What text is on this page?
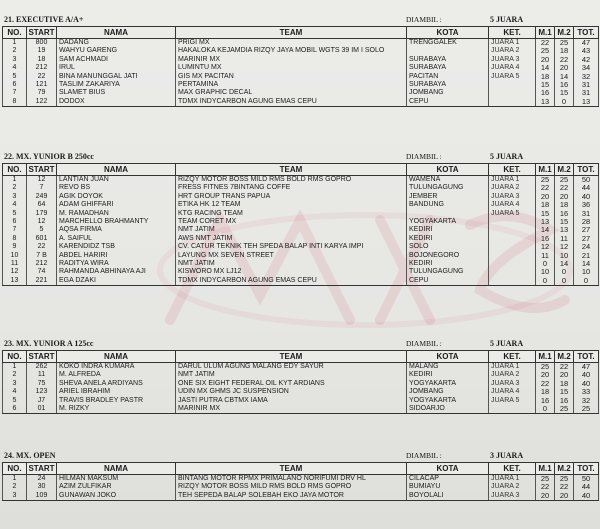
21. EXECUTIVE A/A+	DIAMBIL :	5 JUARA
NO.	START	NAMA	TEAM	KOTA	KET.	M.1	M.2	TOT.
1	800	DADANG	PRIGI MX	TRENGGALEK	JUARA 1	22	25	47
2	19	WAHYU GARENG	HAKALOKA KEJAMDIA RIZQY JAYA MOBIL WGTS 39 IM I SOLO		JUARA 2	25	18	43
3	18	SAM ACHMADI	MARINIR MX	SURABAYA	JUARA 3	20	22	42
4	212	IRUL	LUMINTU MX	SURABAYA	JUARA 4	14	20	34
5	22	BINA MANUNGGAL JATI	GIS MX PACITAN	PACITAN	JUARA 5	18	14	32
6	121	TASLIM ZAKARIYA	PERTAMINA	SURABAYA		15	16	31
7	79	SLAMET BIUS	MAX GRAPHIC DECAL	JOMBANG		16	15	31
8	122	DODOX	TDMX INDYCARBON AGUNG EMAS CEPU	CEPU		13	0	13
22. MX. YUNIOR B 250cc	DIAMBIL :	5 JUARA
NO.	START	NAMA	TEAM	KOTA	KET.	M.1	M.2	TOT.
1	12	LANTIAN JUAN	RIZQY MOTOR BOSS MILD RMS BOLD RMS GOPRO	WAMENA	JUARA 1	25	25	50
2	7	REVO BS	FRESS FITNES 7BINTANG COFFE	TULUNGAGUNG	JUARA 2	22	22	44
3	249	AGIK DOYOK	HRT GROUP TRANS PAPUA	JEMBER	JUARA 3	20	20	40
4	64	ADAM GHIFFARI	ETIKA HK 12 TEAM	BANDUNG	JUARA 4	18	18	36
5	179	M. RAMADHAN	KTG RACING TEAM		JUARA 5	15	16	31
6	12	MARCHELLO BRAHMANTY	TEAM CORET MX	YOGYAKARTA		13	15	28
7	5	AQSA FIRMA	NMT JATIM	KEDIRI		14	13	27
8	601	A. SAIFUL	AWS NMT JATIM	KEDIRI		16	11	27
9	22	KARENDIDZ TSB	CV. CATUR TEKNIK TEH SPEDA BALAP INTI KARYA IMPI	SOLO		12	12	24
10	7 B	ABDEL HARIRI	LAYUNG MX SEVEN STREET	BOJONEGORO		11	10	21
11	212	RADITYA WIRA	NMT JATIM	KEDIRI		0	14	14
12	74	RAHMANDA ABHINAYA AJI	KISWORO MX LJ12	TULUNGAGUNG		10	0	10
13	221	EGA DZAKI	TDMX INDYCARBON AGUNG EMAS CEPU	CEPU		0	0	0
23. MX. YUNIOR A 125cc	DIAMBIL :	5 JUARA
NO.	START	NAMA	TEAM	KOTA	KET.	M.1	M.2	TOT.
1	262	KOKO INDRA KUMARA	DARUL ULUM AGUNG MALANG EDY SAYUR	MALANG	JUARA 1	25	22	47
2	11	M. ALFREDA	NMT JATIM	KEDIRI	JUARA 2	20	20	40
3	75	SHEVA ANELA ARDIYANS	ONE SIX EIGHT FEDERAL OIL KYT ARDIANS	YOGYAKARTA	JUARA 3	22	18	40
4	123	ARIEL IBRAHIM	UDIN MX GHMS JC SUSPENSION	JOMBANG	JUARA 4	18	15	33
5	J7	TRAVIS BRADLEY PASTR	JASTI PUTRA CBTMX IAMA	YOGYAKARTA	JUARA 5	16	16	32
6	01	M. RIZKY	MARINIR MX	SIDOARJO		0	25	25
24. MX. OPEN	DIAMBIL :	3 JUARA
NO.	START	NAMA	TEAM	KOTA	KET.	M.1	M.2	TOT.
1	24	HILMAN MAKSUM	BINTANG MOTOR RPMX PRIMALANO NORIFUMI DRV HL	CILACAP	JUARA 1	25	25	50
2	30	AZIM ZULFIKAR	RIZQY MOTOR BOSS MILD RMS BOLD RMS GOPRO	BUMIAYU	JUARA 2	22	22	44
3	109	GUNAWAN JOKO	TEH SEPEDA BALAP SOLEBAH EKO JAYA MOTOR	BOYOLALI	JUARA 3	20	20	40
